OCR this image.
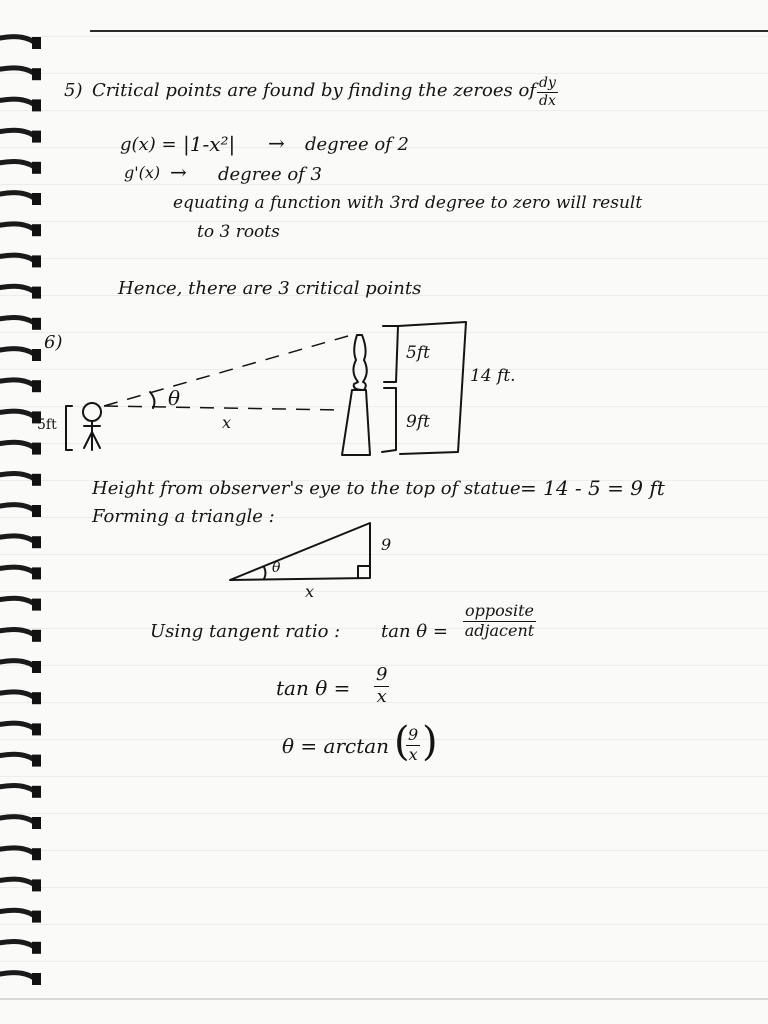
5) Critical points are found by finding the zeroes of $\frac{dy}{dx}$
g(x) = |1-x²| → degree of 2
g'(x) → degree of 3
equating a function with 3rd degree to zero will result
to 3 roots
Hence, there are 3 critical points
6)
5ft
θ
x
5ft
9ft
14 ft.
Height from observer's eye to the top of statue = 14 - 5 = 9 ft
Forming a triangle :
θ
9
x
Using tangent ratio : tan θ =
opposite
adjacent
$\tan \theta = \frac{9}{x}$
θ = arctan (
$\frac{9}{x}$ )
